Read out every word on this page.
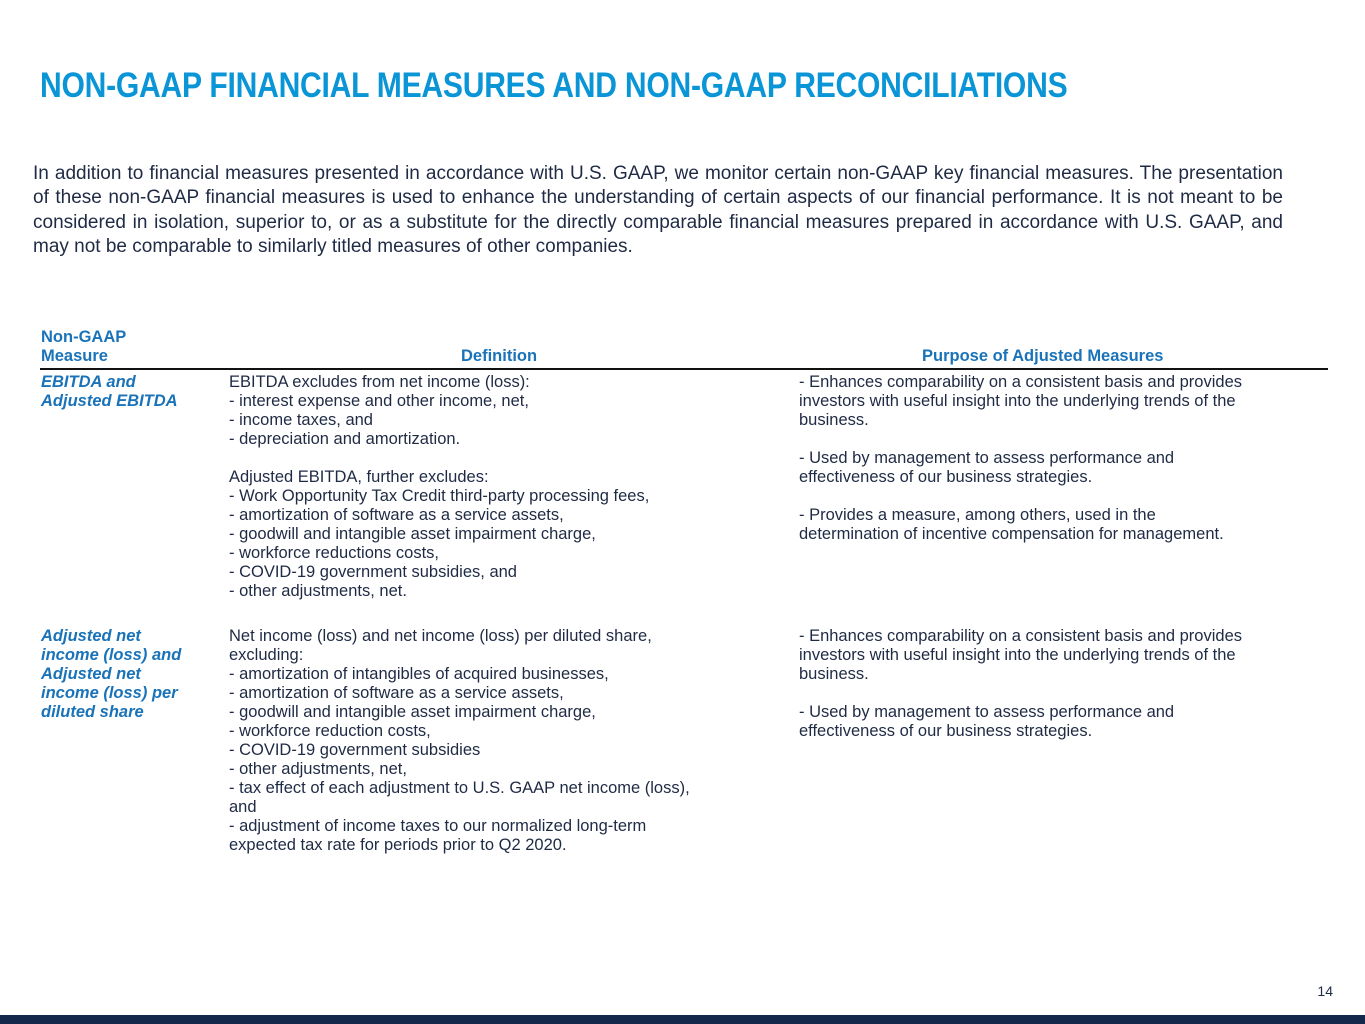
NON-GAAP FINANCIAL MEASURES AND NON-GAAP RECONCILIATIONS
In addition to financial measures presented in accordance with U.S. GAAP, we monitor certain non-GAAP key financial measures. The presentation of these non-GAAP financial measures is used to enhance the understanding of certain aspects of our financial performance. It is not meant to be considered in isolation, superior to, or as a substitute for the directly comparable financial measures prepared in accordance with U.S. GAAP, and may not be comparable to similarly titled measures of other companies.
Non-GAAP
Measure	Definition	Purpose of Adjusted Measures
EBITDA and
Adjusted EBITDA
EBITDA excludes from net income (loss):
- interest expense and other income, net,
- income taxes, and
- depreciation and amortization.
Adjusted EBITDA, further excludes:
- Work Opportunity Tax Credit third-party processing fees,
- amortization of software as a service assets,
- goodwill and intangible asset impairment charge,
- workforce reductions costs,
- COVID-19 government subsidies, and
- other adjustments, net.
- Enhances comparability on a consistent basis and provides
investors with useful insight into the underlying trends of the
business.
- Used by management to assess performance and
effectiveness of our business strategies.
- Provides a measure, among others, used in the
determination of incentive compensation for management.
Adjusted net
income (loss) and
Adjusted net
income (loss) per
diluted share
Net income (loss) and net income (loss) per diluted share,
excluding:
- amortization of intangibles of acquired businesses,
- amortization of software as a service assets,
- goodwill and intangible asset impairment charge,
- workforce reduction costs,
- COVID-19 government subsidies
- other adjustments, net,
- tax effect of each adjustment to U.S. GAAP net income (loss),
and
- adjustment of income taxes to our normalized long-term
expected tax rate for periods prior to Q2 2020.
- Enhances comparability on a consistent basis and provides
investors with useful insight into the underlying trends of the
business.
- Used by management to assess performance and
effectiveness of our business strategies.
14
